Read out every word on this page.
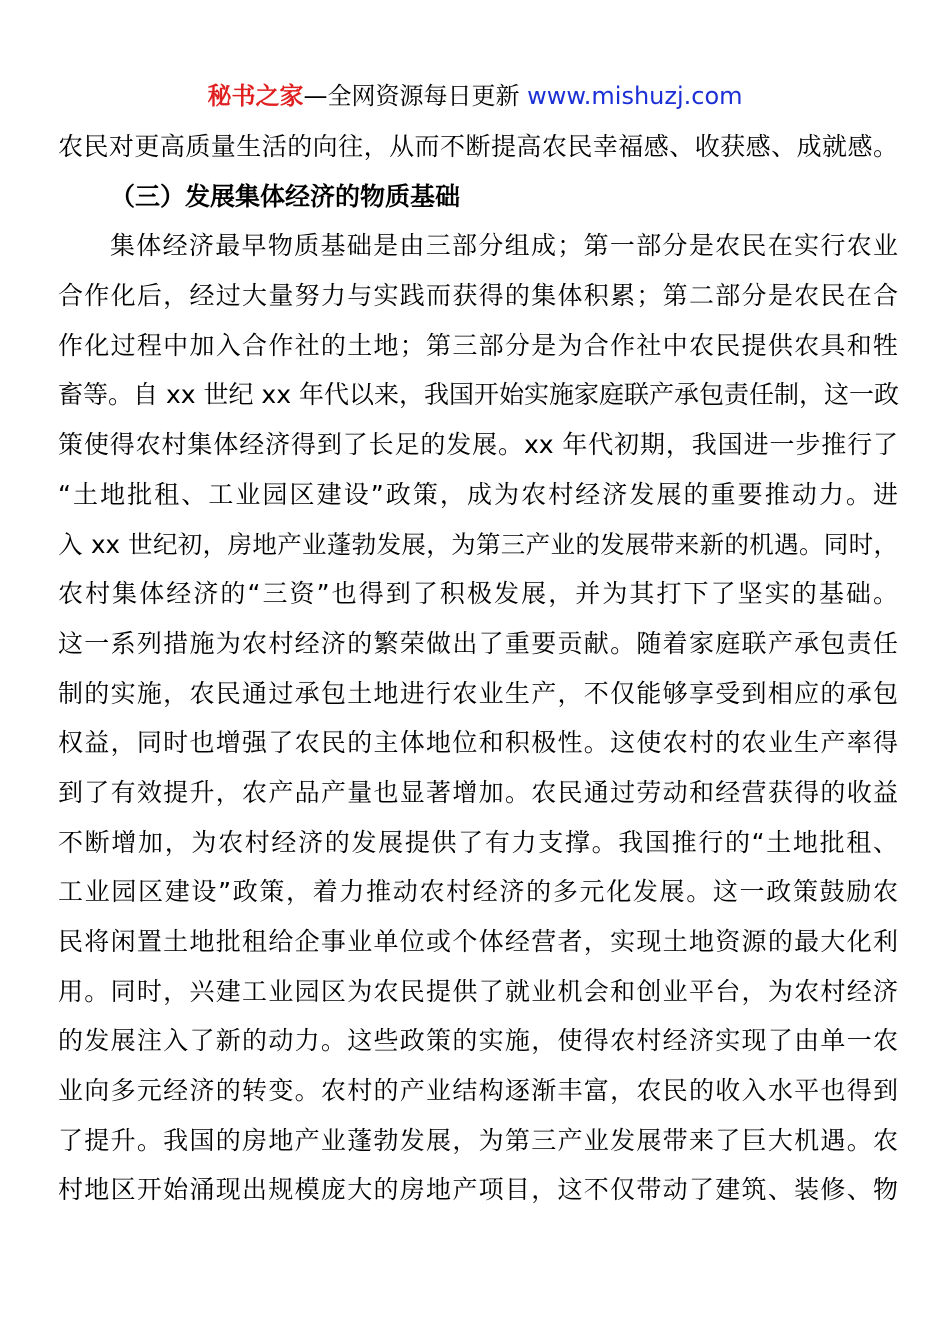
秘书之家—全网资源每日更新 www.mishuzj.com
农民对更高质量生活的向往，从而不断提高农民幸福感、收获感、成就感。
（三）发展集体经济的物质基础
集体经济最早物质基础是由三部分组成；第一部分是农民在实行农业
合作化后，经过大量努力与实践而获得的集体积累；第二部分是农民在合
作化过程中加入合作社的土地；第三部分是为合作社中农民提供农具和牲
畜等。自 xx 世纪 xx 年代以来，我国开始实施家庭联产承包责任制，这一政
策使得农村集体经济得到了长足的发展。xx 年代初期，我国进一步推行了
“土地批租、工业园区建设”政策，成为农村经济发展的重要推动力。进
入 xx 世纪初，房地产业蓬勃发展，为第三产业的发展带来新的机遇。同时，
农村集体经济的“三资”也得到了积极发展，并为其打下了坚实的基础。
这一系列措施为农村经济的繁荣做出了重要贡献。随着家庭联产承包责任
制的实施，农民通过承包土地进行农业生产，不仅能够享受到相应的承包
权益，同时也增强了农民的主体地位和积极性。这使农村的农业生产率得
到了有效提升，农产品产量也显著增加。农民通过劳动和经营获得的收益
不断增加，为农村经济的发展提供了有力支撑。我国推行的“土地批租、
工业园区建设”政策，着力推动农村经济的多元化发展。这一政策鼓励农
民将闲置土地批租给企事业单位或个体经营者，实现土地资源的最大化利
用。同时，兴建工业园区为农民提供了就业机会和创业平台，为农村经济
的发展注入了新的动力。这些政策的实施，使得农村经济实现了由单一农
业向多元经济的转变。农村的产业结构逐渐丰富，农民的收入水平也得到
了提升。我国的房地产业蓬勃发展，为第三产业发展带来了巨大机遇。农
村地区开始涌现出规模庞大的房地产项目，这不仅带动了建筑、装修、物
